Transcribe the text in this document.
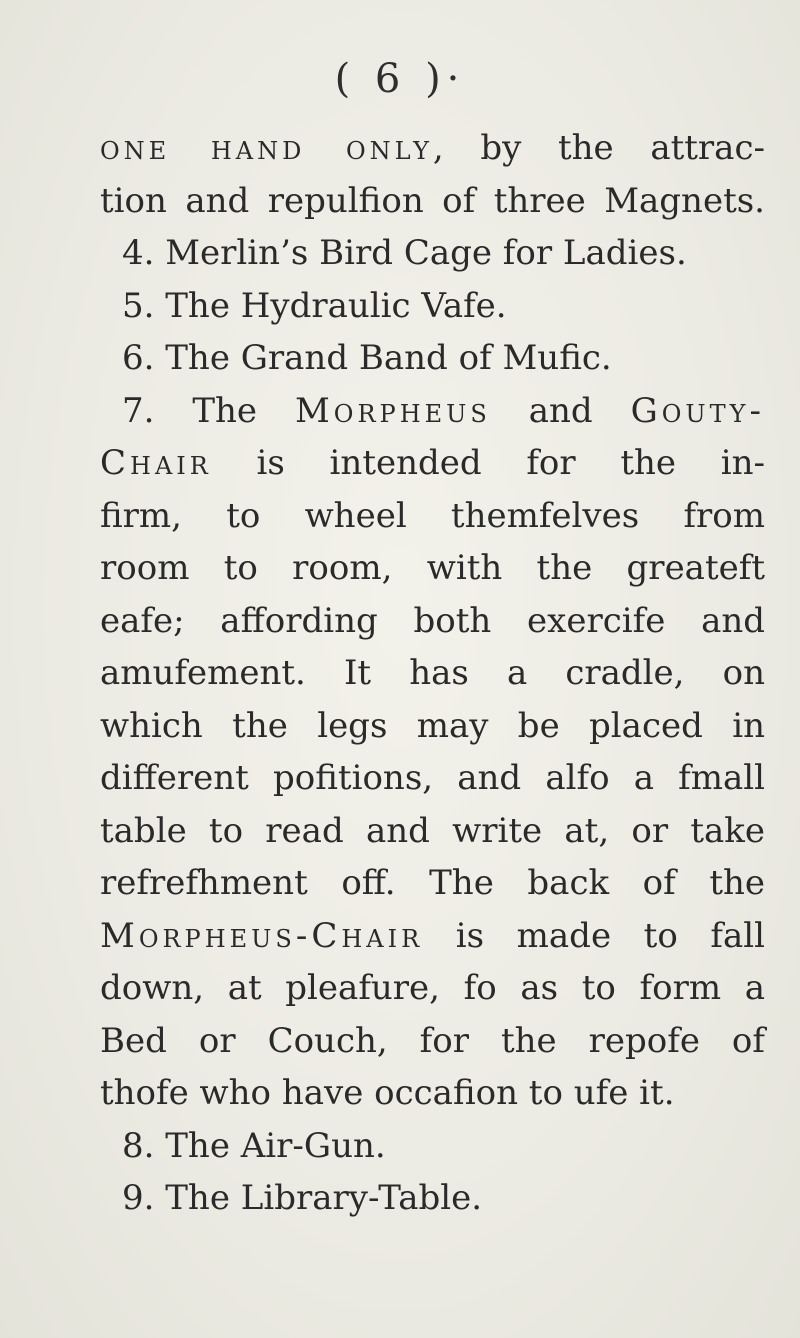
( 6 )·
one hand only, by the attrac-
tion and repulfion of three Magnets.
4. Merlin’s Bird Cage for Ladies.
5. The Hydraulic Vafe.
6. The Grand Band of Mufic.
7. The Morpheus and Gouty-
Chair is intended for the in-
firm, to wheel themfelves from
room to room, with the greateft
eafe; affording both exercife and
amufement. It has a cradle, on
which the legs may be placed in
different pofitions, and alfo a fmall
table to read and write at, or take
refrefhment off. The back of the
Morpheus-Chair is made to fall
down, at pleafure, fo as to form a
Bed or Couch, for the repofe of
thofe who have occafion to ufe it.
8. The Air-Gun.
9. The Library-Table.
